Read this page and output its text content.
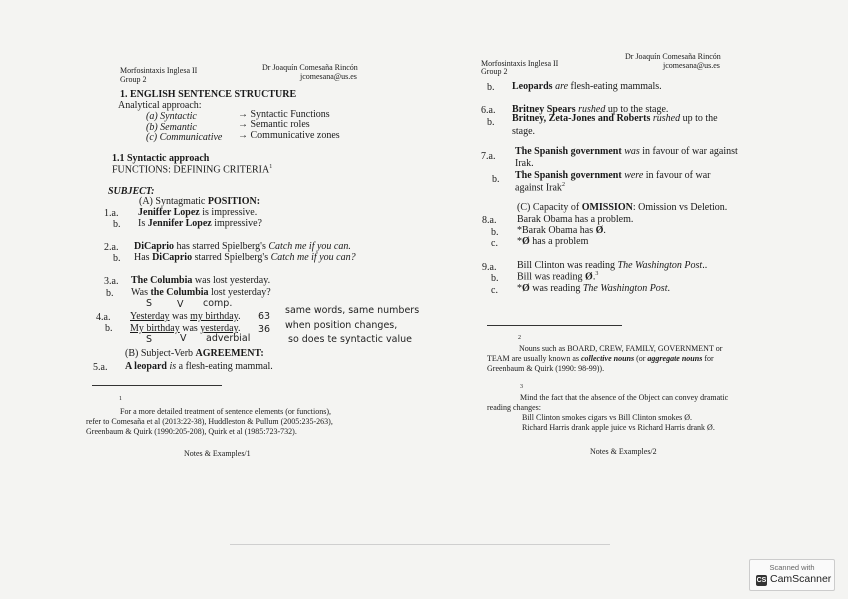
Morfosintaxis Inglesa II
Group 2
Dr Joaquín Comesaña Rincón
jcomesana@us.es
1. ENGLISH SENTENCE STRUCTURE
Analytical approach:
(a) Syntactic	→ Syntactic Functions
(b) Semantic	→ Semantic roles
(c) Communicative → Communicative zones
1.1 Syntactic approach
FUNCTIONS: DEFINING CRITERIA$^1$
SUBJECT:
(A) Syntagmatic POSITION:
1.a. Jeniffer Lopez is impressive.
b. Is Jennifer Lopez impressive?
2.a. DiCaprio has starred Spielberg's Catch me if you can.
b. Has DiCaprio starred Spielberg's Catch me if you can?
3.a. The Columbia was lost yesterday.
b. Was the Columbia lost yesterday?
S	V comp.
4.a. Yesterday was my birthday. 63
b. My birthday was yesterday. 36
S	V adverbial
same words, same numbers
when position changes,
so does te syntactic value
(B) Subject-Verb AGREEMENT:
5.a. A leopard is a flesh-eating mammal.
1
For a more detailed treatment of sentence elements (or functions),
refer to Comesaña et al (2013:22-38), Huddleston & Pullum (2005:235-263),
Greenbaum & Quirk (1990:205-208), Quirk et al (1985:723-732).
Notes & Examples/1
Morfosintaxis Inglesa II
Group 2
Dr Joaquín Comesaña Rincón
jcomesana@us.es
b. Leopards are flesh-eating mammals.
6.a. Britney Spears rushed up to the stage.
b. Britney, Zeta-Jones and Roberts rushed up to the
stage.
7.a. The Spanish government was in favour of war against
Irak.
b. The Spanish government were in favour of war
against Irak$^2$
(C) Capacity of OMISSION: Omission vs Deletion.
8.a. Barak Obama has a problem.
b. *Barak Obama has Ø.
c. *Ø has a problem
9.a. Bill Clinton was reading The Washington Post..
b. Bill was reading Ø.$^3$
c. *Ø was reading The Washington Post.
2
Nouns such as BOARD, CREW, FAMILY, GOVERNMENT or
TEAM are usually known as collective nouns (or aggregate nouns for
Greenbaum & Quirk (1990: 98-99)).
3
Mind the fact that the absence of the Object can convey dramatic
reading changes:
Bill Clinton smokes cigars vs Bill Clinton smokes Ø.
Richard Harris drank apple juice vs Richard Harris drank Ø.
Notes & Examples/2
Scanned with
CS CamScanner
